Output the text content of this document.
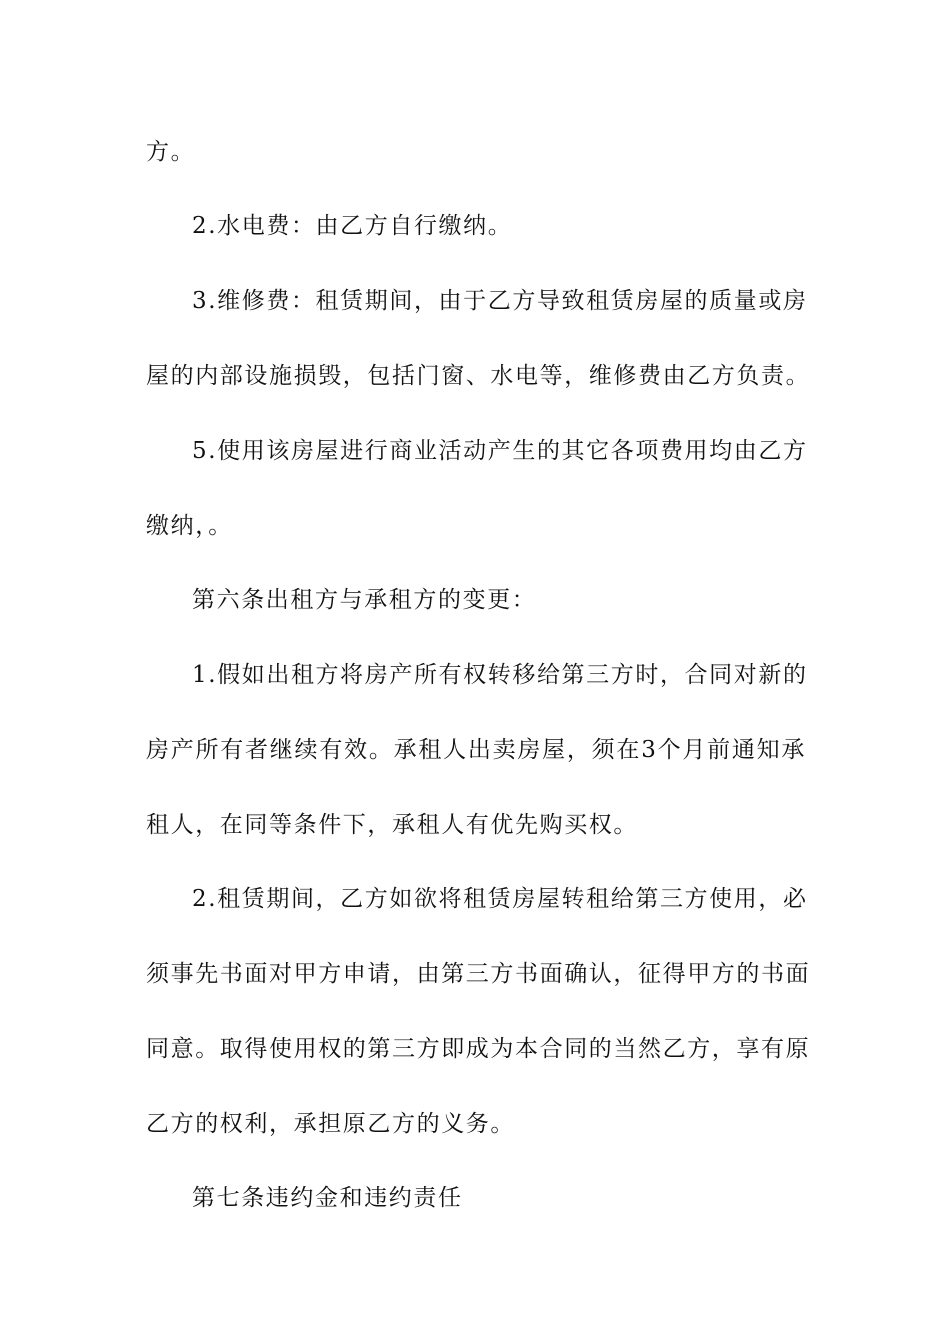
方。
2.水电费：由乙方自行缴纳。
3.维修费：租赁期间，由于乙方导致租赁房屋的质量或房
屋的内部设施损毁，包括门窗、水电等，维修费由乙方负责。
5.使用该房屋进行商业活动产生的其它各项费用均由乙方
缴纳，。
第六条出租方与承租方的变更：
1.假如出租方将房产所有权转移给第三方时，合同对新的
房产所有者继续有效。承租人出卖房屋，须在3个月前通知承
租人，在同等条件下，承租人有优先购买权。
2.租赁期间，乙方如欲将租赁房屋转租给第三方使用，必
须事先书面对甲方申请，由第三方书面确认，征得甲方的书面
同意。取得使用权的第三方即成为本合同的当然乙方，享有原
乙方的权利，承担原乙方的义务。
第七条违约金和违约责任
